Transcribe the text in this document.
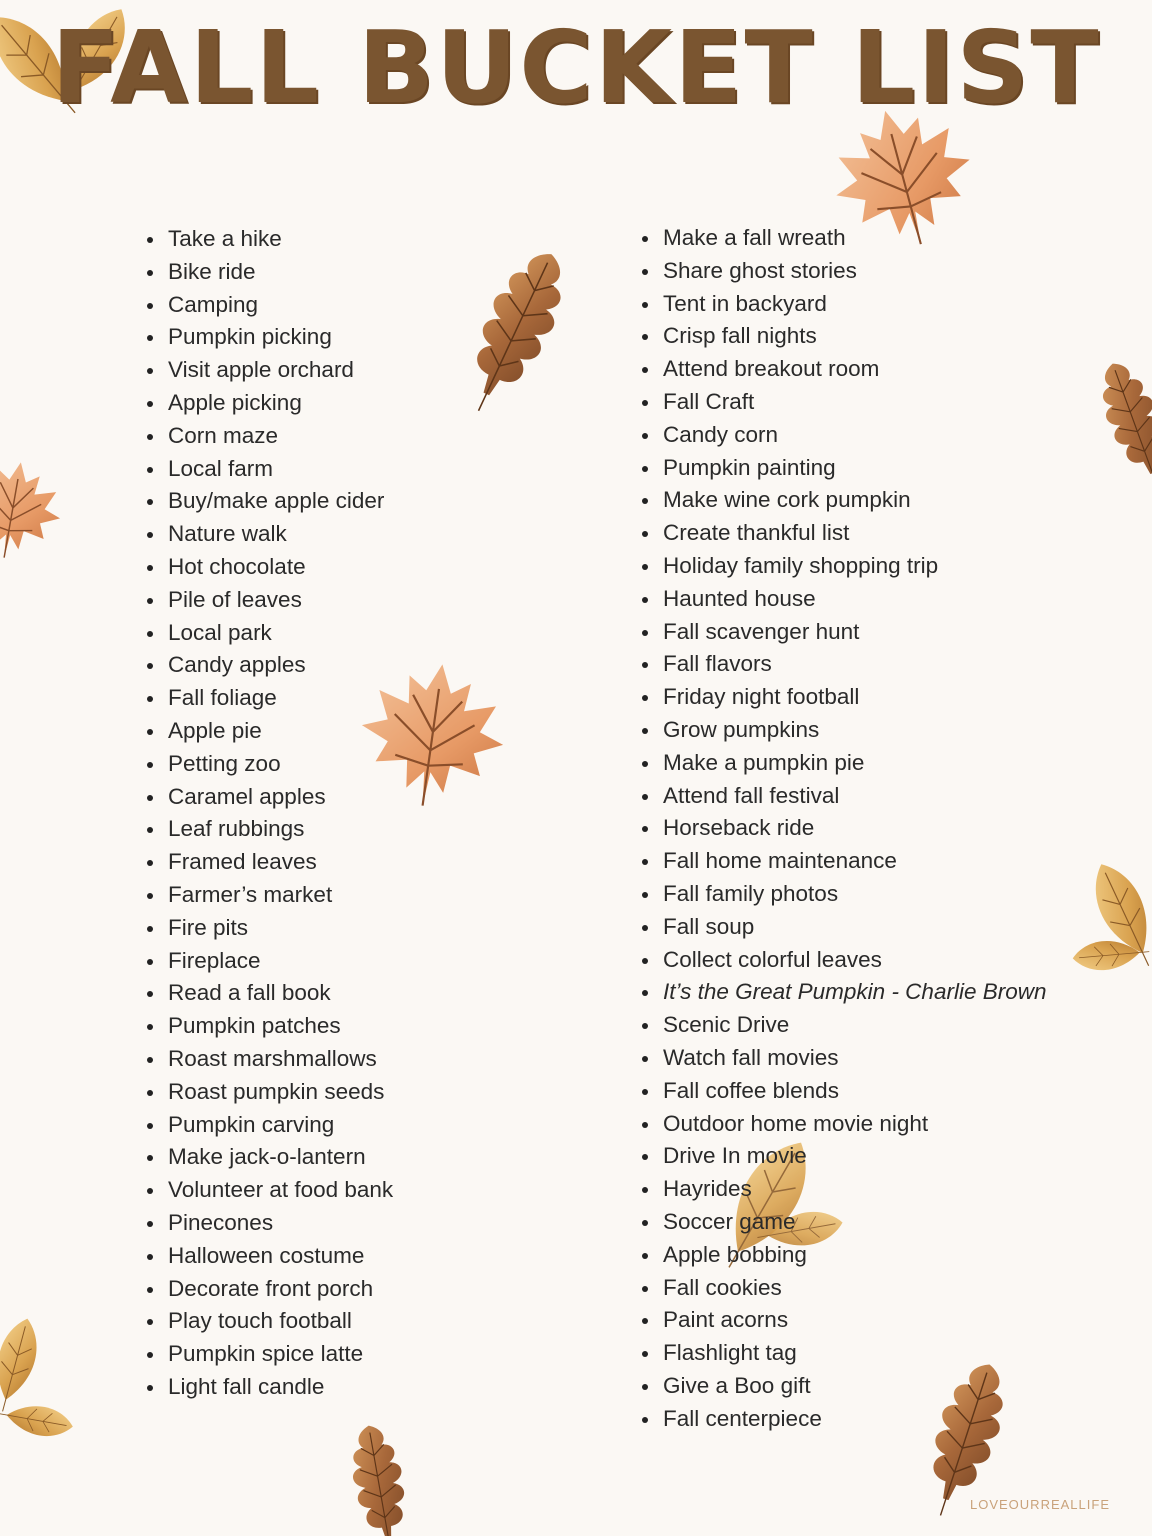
FALL BUCKET LIST
Take a hike
Bike ride
Camping
Pumpkin picking
Visit apple orchard
Apple picking
Corn maze
Local farm
Buy/make apple cider
Nature walk
Hot chocolate
Pile of leaves
Local park
Candy apples
Fall foliage
Apple pie
Petting zoo
Caramel apples
Leaf rubbings
Framed leaves
Farmer’s market
Fire pits
Fireplace
Read a fall book
Pumpkin patches
Roast marshmallows
Roast pumpkin seeds
Pumpkin carving
Make jack-o-lantern
Volunteer at food bank
Pinecones
Halloween costume
Decorate front porch
Play touch football
Pumpkin spice latte
Light fall candle
Make a fall wreath
Share ghost stories
Tent in backyard
Crisp fall nights
Attend breakout room
Fall Craft
Candy corn
Pumpkin painting
Make wine cork pumpkin
Create thankful list
Holiday family shopping trip
Haunted house
Fall scavenger hunt
Fall flavors
Friday night football
Grow pumpkins
Make a pumpkin pie
Attend fall festival
Horseback ride
Fall home maintenance
Fall family photos
Fall soup
Collect colorful leaves
It’s the Great Pumpkin - Charlie Brown
Scenic Drive
Watch fall movies
Fall coffee blends
Outdoor home movie night
Drive In movie
Hayrides
Soccer game
Apple bobbing
Fall cookies
Paint acorns
Flashlight tag
Give a Boo gift
Fall centerpiece
LOVEOURREALLIFE
